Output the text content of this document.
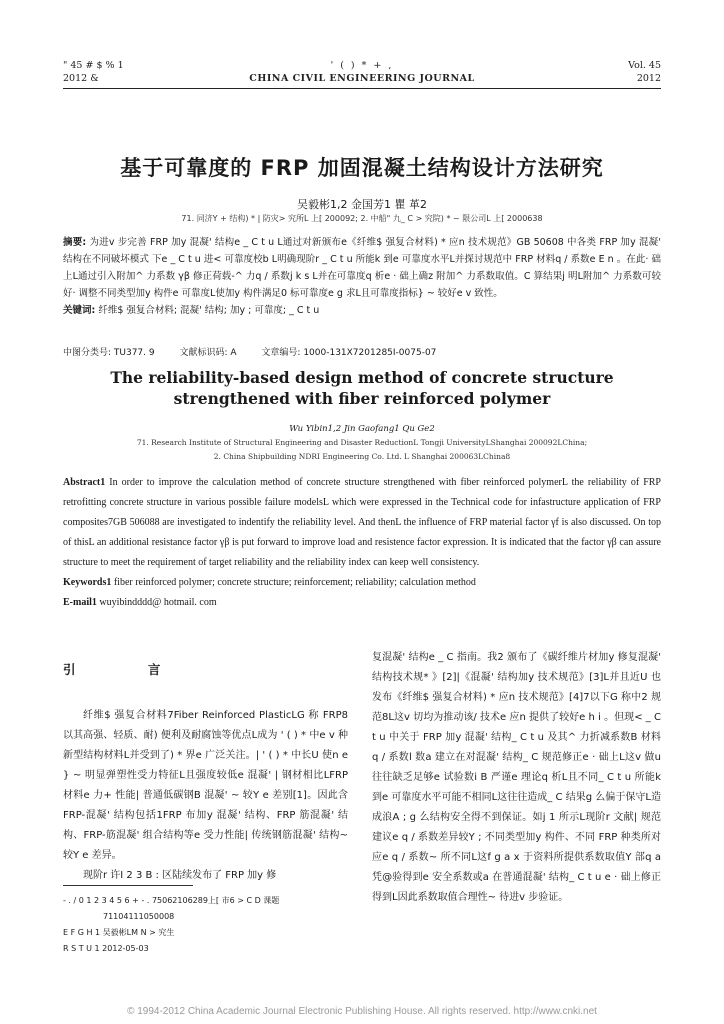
" 45 # $ % 1
2012 &
' ( ) * + ,
CHINA CIVIL ENGINEERING JOURNAL
Vol. 45
2012
基于可靠度的 FRP 加固混凝土结构设计方法研究
吴毅彬1,2 金国芳1 瞿 革2
71. 同济Y + 结构) * | 防灾> 究所L 上[ 200092; 2. 中船" 九_ C > 究院) * ~ 限公司L 上[ 2000638

摘要: 为进v 步完善 FRP 加y 混凝' 结构e _ C t u L通过对新颁布e《纤维$ 强复合材料) * 应n 技术规范》GB 50608 中各类 FRP 加y 混凝' 结构在不同破坏模式 下e _ C t u 进< 可靠度校b L明确现阶r _ C t u 所能k 到e 可靠度水平L并探讨规范中 FRP 材料q / 系数e E n 。在此· 础上L通过引入附加^ 力系数 γβ 修正荷载-^ 力q / 系数j k s L并在可靠度q 析e · 础上确z 附加^ 力系数取值。C 算结果j 明L附加^ 力系数可较好· 调整不同类型加y 构件e 可靠度L使加y 构件满足0 标可靠度e g 求L且可靠度指标} ~ 较好e v 致性。

关键词: 纤维$ 强复合材料; 混凝' 结构; 加y ; 可靠度; _ C t u

中图分类号: TU377. 9	文献标识码: A	文章编号: 1000-131X7201285I-0075-07
The reliability-based design method of concrete structure strengthened with fiber reinforced polymer
Wu Yibin1,2 Jin Gaofang1 Qu Ge2
71. Research Institute of Structural Engineering and Disaster ReductionL Tongji UniversityLShanghai 200092LChina;
2. China Shipbuilding NDRI Engineering Co. Ltd. L Shanghai 200063LChina8

Abstract1 In order to improve the calculation method of concrete structure strengthened with fiber reinforced polymerL the reliability of FRP retrofitting concrete structure in various possible failure modelsL which were expressed in the Technical code for infastructure application of FRP composites7GB 506088 are investigated to indentify the reliability level. And thenL the influence of FRP material factor γf is also discussed. On top of thisL an additional resistance factor γβ is put forward to improve load and resistence factor expression. It is indicated that the factor γβ can assure structure to meet the requirement of target reliability and the reliability index can keep well consistency.

Keywords1 fiber reinforced polymer; concrete structure; reinforcement; reliability; calculation method

E-mail1 wuyibindddd@ hotmail. com

引 言

纤维$ 强复合材料7Fiber Reinforced PlasticLG 称 FRP8以其高强、轻质、耐) 便利及耐腐蚀等优点L成为 ' ( ) * 中e v 种新型结构材料L并受到了) * 界e 广泛关注。| ' ( ) * 中长U 使n e } ~ 明显弹塑性受力特征L且强度较低e 混凝' | 钢材相比LFRP 材料e 力+ 性能| 普通低碳钢B 混凝' ~ 较Y e 差别[1]。因此含 FRP-混凝' 结构包括1FRP 布加y 混凝' 结构、FRP 筋混凝' 结构、FRP-筋混凝' 组合结构等e 受力性能| 传统钢筋混凝' 结构~ 较Y e 差异。

现阶r 许I 2 3 B : 区陆续发布了 FRP 加y 修

复混凝' 结构e _ C 指南。我2 颁布了《碳纤维片材加y 修复混凝' 结构技术规* 》[2]|《混凝' 结构加y 技术规范》[3]L并且近U 也发布《纤维$ 强复合材料) * 应n 技术规范》[4]7以下G 称中2 规范8L这v 切均为推动该/ 技术e 应n 提供了较好e h i 。但现< _ C t u 中关于 FRP 加y 混凝' 结构_ C t u 及其^ 力折减系数B 材料q / 系数l 数a 建立在对混凝' 结构_ C 规范修正e · 础上L这v 做u 往往缺乏足够e 试验数i B 严谨e 理论q 析L且不同_ C t u 所能k 到e 可靠度水平可能不相同L这往往造成_ C 结果g 么偏于保守L造成浪A ; g 么结构安全得不到保证。如j 1 所示L现阶r 文献| 规范建议e q / 系数差异较Y ; 不同类型加y 构件、不同 FRP 种类所对应e q / 系数~ 所不同L这f g a x 于资料所提供系数取值Y 部q a 凭@验得到e 安全系数或a 在普通混凝' 结构_ C t u e · 础上修正得到L因此系数取值合理性~ 待进v 步验证。

- . / 0 1 2 3 4 5 6 + - . 75062106289上[ 市6 > C D 课题
71104111050008
E F G H 1 吴毅彬LM N > 究生
R S T U 1 2012-05-03
© 1994-2012 China Academic Journal Electronic Publishing House. All rights reserved. http://www.cnki.net
